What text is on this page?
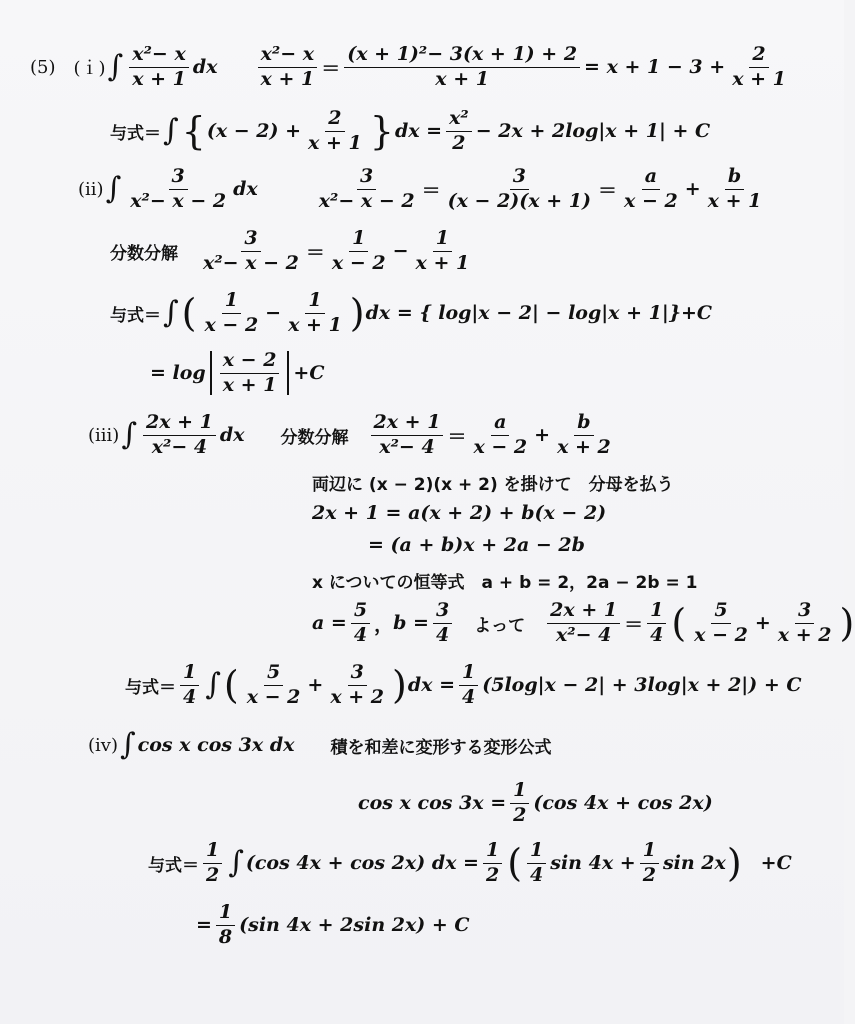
(5) (ｉ) ∫ $\frac{\text{x²− x}}{x + 1}$ dx $\frac{\text{x²− x}}{x + 1} = \frac{\text{(x + 1)²− 3(x + 1) + 2}}{x + 1} = x + 1 - 3 + \frac{2}{x + 1}$
与式＝ ∫ { $(x - 2) + \frac{2}{x + 1}$ } dx = $\frac{\text{x²}}{2} - 2x + 2\log|x + 1| + C$
(ii) ∫ $\frac{3}{\text{x²− x − 2}}$ dx	$\frac{3}{\text{x²− x − 2}} = \frac{3}{(x - 2)(x + 1)} = \frac{a}{x - 2} + \frac{b}{x + 1}$
分数分解 $\frac{3}{\text{x²− x − 2}} = \frac{1}{x - 2} - \frac{1}{x + 1}$
与式＝ ∫ ( $\frac{1}{x - 2} - \frac{1}{x + 1}$ ) dx = { log|x − 2| − log|x + 1|}+C
= $\log \frac{x - 2}{x + 1} +C$
(iii) ∫ $\frac{2x + 1}{\text{x²− 4}}$ dx 分数分解 $\frac{2x + 1}{\text{x²− 4}} = \frac{a}{x - 2} + \frac{b}{x + 2}$
両辺に (x − 2)(x + 2) を掛けて　分母を払う
2x + 1 = a(x + 2) + b(x − 2)
= (a + b)x + 2a − 2b
x についての恒等式　a + b = 2，2a − 2b = 1
$a = \frac{5}{4}$ ， $b = \frac{3}{4}$ よって $\frac{2x + 1}{\text{x²− 4}} = \frac{1}{4}$ ( $\frac{5}{x - 2} + \frac{3}{x + 2}$ )
与式＝ $\frac{1}{4}$ ∫ ( $\frac{5}{x - 2} + \frac{3}{x + 2}$ ) dx = $\frac{1}{4} (5\log|x - 2| + 3\log|x + 2|) + C$
(iv) ∫ cos x cos 3x dx 積を和差に変形する変形公式
cos x $\cos 3x = \frac{1}{2} (\cos$ 4x + cos 2x)
与式＝ $\frac{1}{2}$ ∫ (cos 4x + cos 2x) dx = $\frac{1}{2}$ ( $\frac{1}{4}$ $\sin 4x + \frac{1}{2}$ sin 2x ) +C
= $\frac{1}{8} (\sin$ 4x + 2sin 2x) + C
